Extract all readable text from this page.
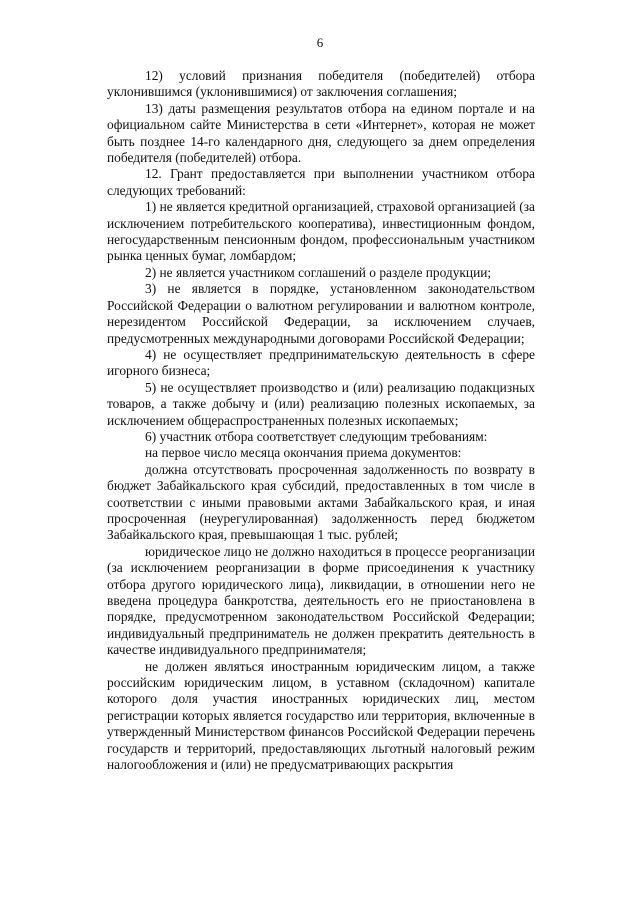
6

12) условий признания победителя (победителей) отбора уклонившимся (уклонившимися) от заключения соглашения;

13) даты размещения результатов отбора на едином портале и на официальном сайте Министерства в сети «Интернет», которая не может быть позднее 14-го календарного дня, следующего за днем определения победителя (победителей) отбора.

12. Грант предоставляется при выполнении участником отбора следующих требований:

1) не является кредитной организацией, страховой организацией (за исключением потребительского кооператива), инвестиционным фондом, негосударственным пенсионным фондом, профессиональным участником рынка ценных бумаг, ломбардом;

2) не является участником соглашений о разделе продукции;

3) не является в порядке, установленном законодательством Российской Федерации о валютном регулировании и валютном контроле, нерезидентом Российской Федерации, за исключением случаев, предусмотренных международными договорами Российской Федерации;

4) не осуществляет предпринимательскую деятельность в сфере игорного бизнеса;

5) не осуществляет производство и (или) реализацию подакцизных товаров, а также добычу и (или) реализацию полезных ископаемых, за исключением общераспространенных полезных ископаемых;

6) участник отбора соответствует следующим требованиям:

на первое число месяца окончания приема документов:

должна отсутствовать просроченная задолженность по возврату в бюджет Забайкальского края субсидий, предоставленных в том числе в соответствии с иными правовыми актами Забайкальского края, и иная просроченная (неурегулированная) задолженность перед бюджетом Забайкальского края, превышающая 1 тыс. рублей;

юридическое лицо не должно находиться в процессе реорганизации (за исключением реорганизации в форме присоединения к участнику отбора другого юридического лица), ликвидации, в отношении него не введена процедура банкротства, деятельность его не приостановлена в порядке, предусмотренном законодательством Российской Федерации; индивидуальный предприниматель не должен прекратить деятельность в качестве индивидуального предпринимателя;

не должен являться иностранным юридическим лицом, а также российским юридическим лицом, в уставном (складочном) капитале которого доля участия иностранных юридических лиц, местом регистрации которых является государство или территория, включенные в утвержденный Министерством финансов Российской Федерации перечень государств и территорий, предоставляющих льготный налоговый режим налогообложения и (или) не предусматривающих раскрытия
